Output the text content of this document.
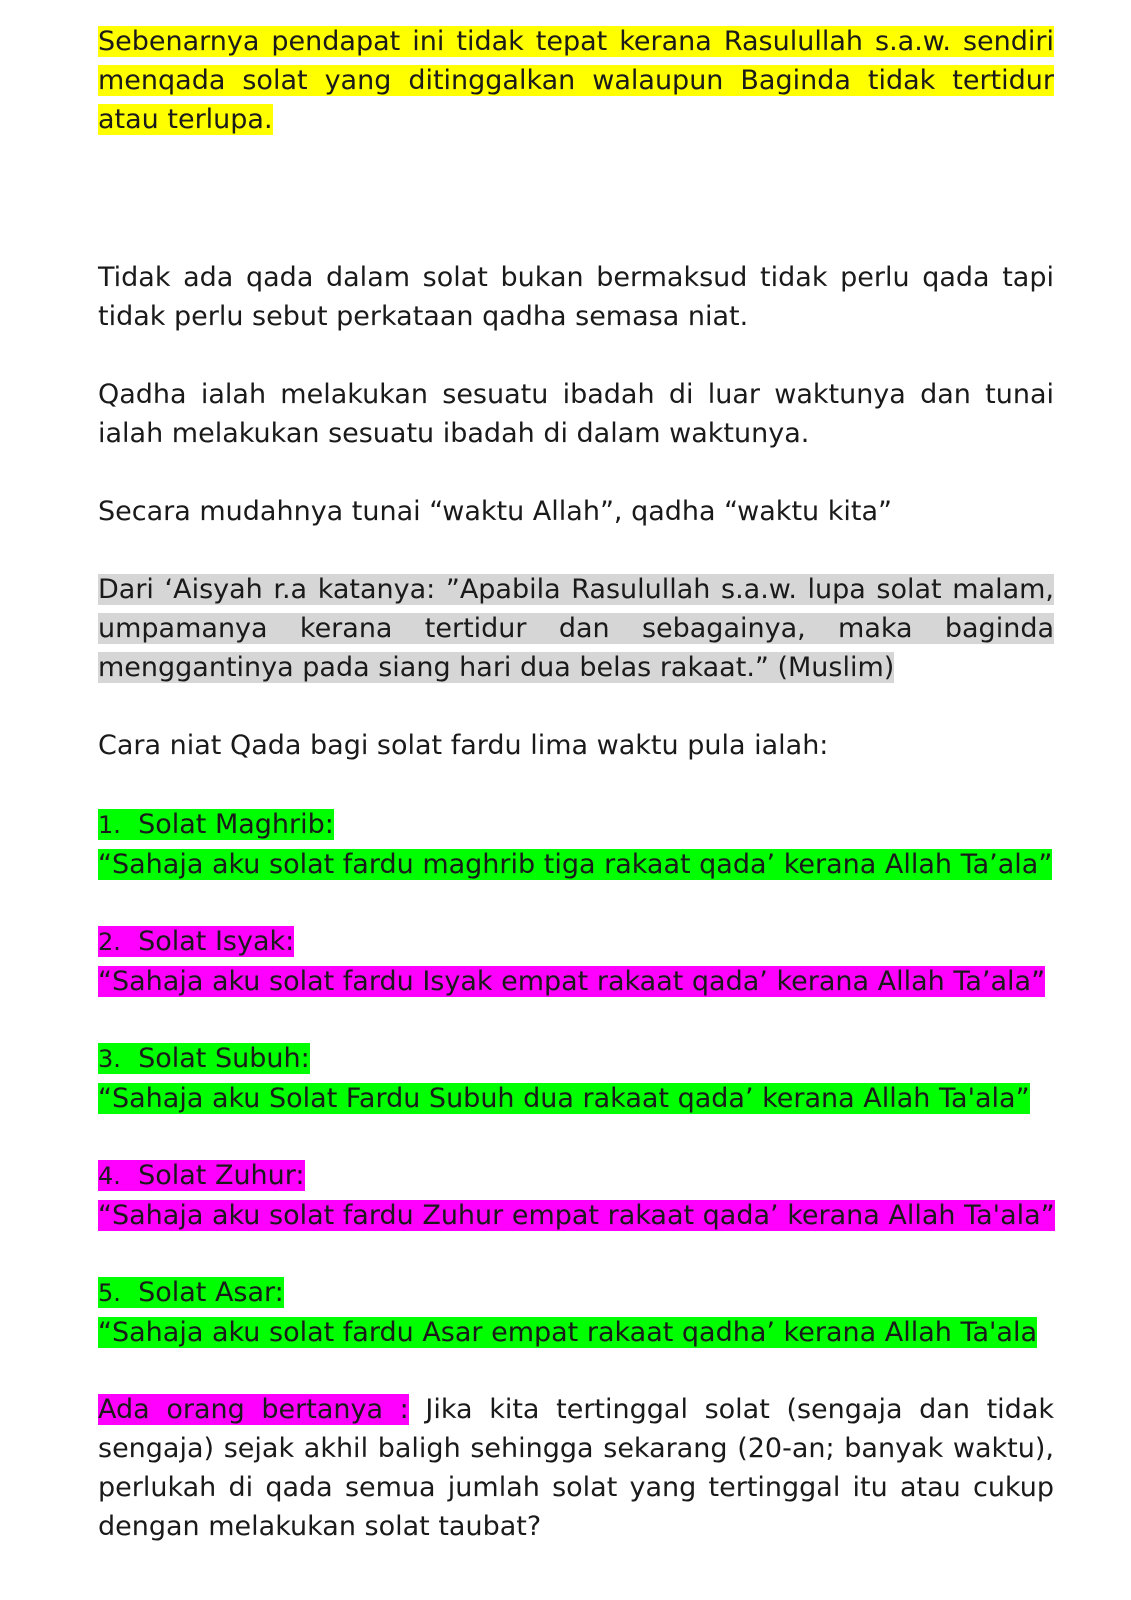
Sebenarnya pendapat ini tidak tepat kerana Rasulullah s.a.w. sendiri menqada solat yang ditinggalkan walaupun Baginda tidak tertidur atau terlupa.

Tidak ada qada dalam solat bukan bermaksud tidak perlu qada tapi tidak perlu sebut perkataan qadha semasa niat.

Qadha ialah melakukan sesuatu ibadah di luar waktunya dan tunai ialah melakukan sesuatu ibadah di dalam waktunya.

Secara mudahnya tunai “waktu Allah”, qadha “waktu kita”

Dari ‘Aisyah r.a katanya: ”Apabila Rasulullah s.a.w. lupa solat malam, umpamanya kerana tertidur dan sebagainya, maka baginda menggantinya pada siang hari dua belas rakaat.” (Muslim)

Cara niat Qada bagi solat fardu lima waktu pula ialah:

1. Solat Maghrib:
“Sahaja aku solat fardu maghrib tiga rakaat qada’ kerana Allah Ta’ala”
2. Solat Isyak:
“Sahaja aku solat fardu Isyak empat rakaat qada’ kerana Allah Ta’ala”
3. Solat Subuh:
“Sahaja aku Solat Fardu Subuh dua rakaat qada’ kerana Allah Ta'ala”
4. Solat Zuhur:
“Sahaja aku solat fardu Zuhur empat rakaat qada’ kerana Allah Ta'ala”
5. Solat Asar:
“Sahaja aku solat fardu Asar empat rakaat qadha’ kerana Allah Ta'ala

Ada orang bertanya : Jika kita tertinggal solat (sengaja dan tidak sengaja) sejak akhil baligh sehingga sekarang (20-an; banyak waktu), perlukah di qada semua jumlah solat yang tertinggal itu atau cukup dengan melakukan solat taubat?
